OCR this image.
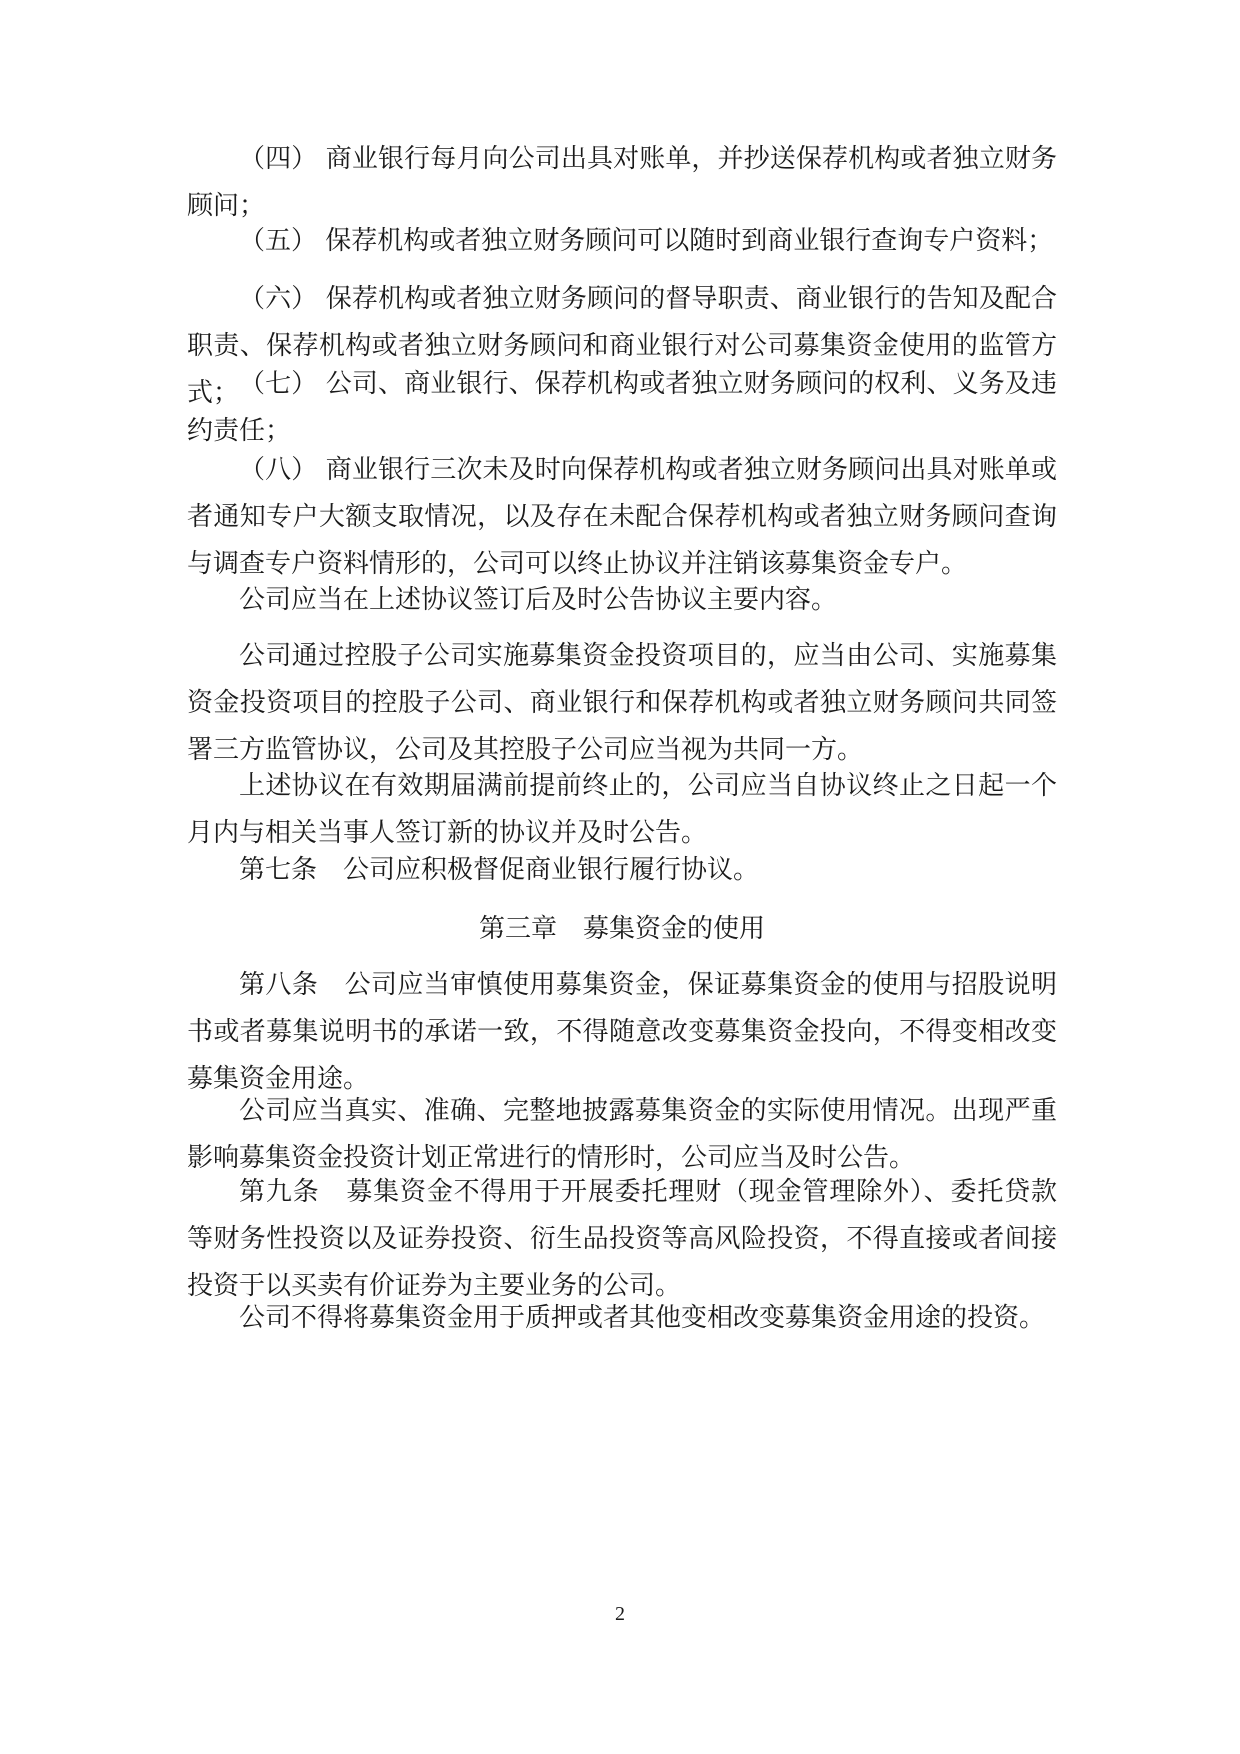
（四） 商业银行每月向公司出具对账单，并抄送保荐机构或者独立财务顾问；

（五） 保荐机构或者独立财务顾问可以随时到商业银行查询专户资料；

（六） 保荐机构或者独立财务顾问的督导职责、商业银行的告知及配合职责、保荐机构或者独立财务顾问和商业银行对公司募集资金使用的监管方式； （七） 公司、商业银行、保荐机构或者独立财务顾问的权利、义务及违约责任；

（八） 商业银行三次未及时向保荐机构或者独立财务顾问出具对账单或者通知专户大额支取情况，以及存在未配合保荐机构或者独立财务顾问查询与调查专户资料情形的，公司可以终止协议并注销该募集资金专户。

公司应当在上述协议签订后及时公告协议主要内容。

公司通过控股子公司实施募集资金投资项目的，应当由公司、实施募集资金投资项目的控股子公司、商业银行和保荐机构或者独立财务顾问共同签署三方监管协议，公司及其控股子公司应当视为共同一方。

上述协议在有效期届满前提前终止的，公司应当自协议终止之日起一个月内与相关当事人签订新的协议并及时公告。

第七条　公司应积极督促商业银行履行协议。

第三章　募集资金的使用

第八条　公司应当审慎使用募集资金，保证募集资金的使用与招股说明书或者募集说明书的承诺一致，不得随意改变募集资金投向，不得变相改变募集资金用途。

公司应当真实、准确、完整地披露募集资金的实际使用情况。出现严重影响募集资金投资计划正常进行的情形时，公司应当及时公告。

第九条　募集资金不得用于开展委托理财（现金管理除外）、委托贷款等财务性投资以及证券投资、衍生品投资等高风险投资，不得直接或者间接投资于以买卖有价证券为主要业务的公司。

公司不得将募集资金用于质押或者其他变相改变募集资金用途的投资。

2
